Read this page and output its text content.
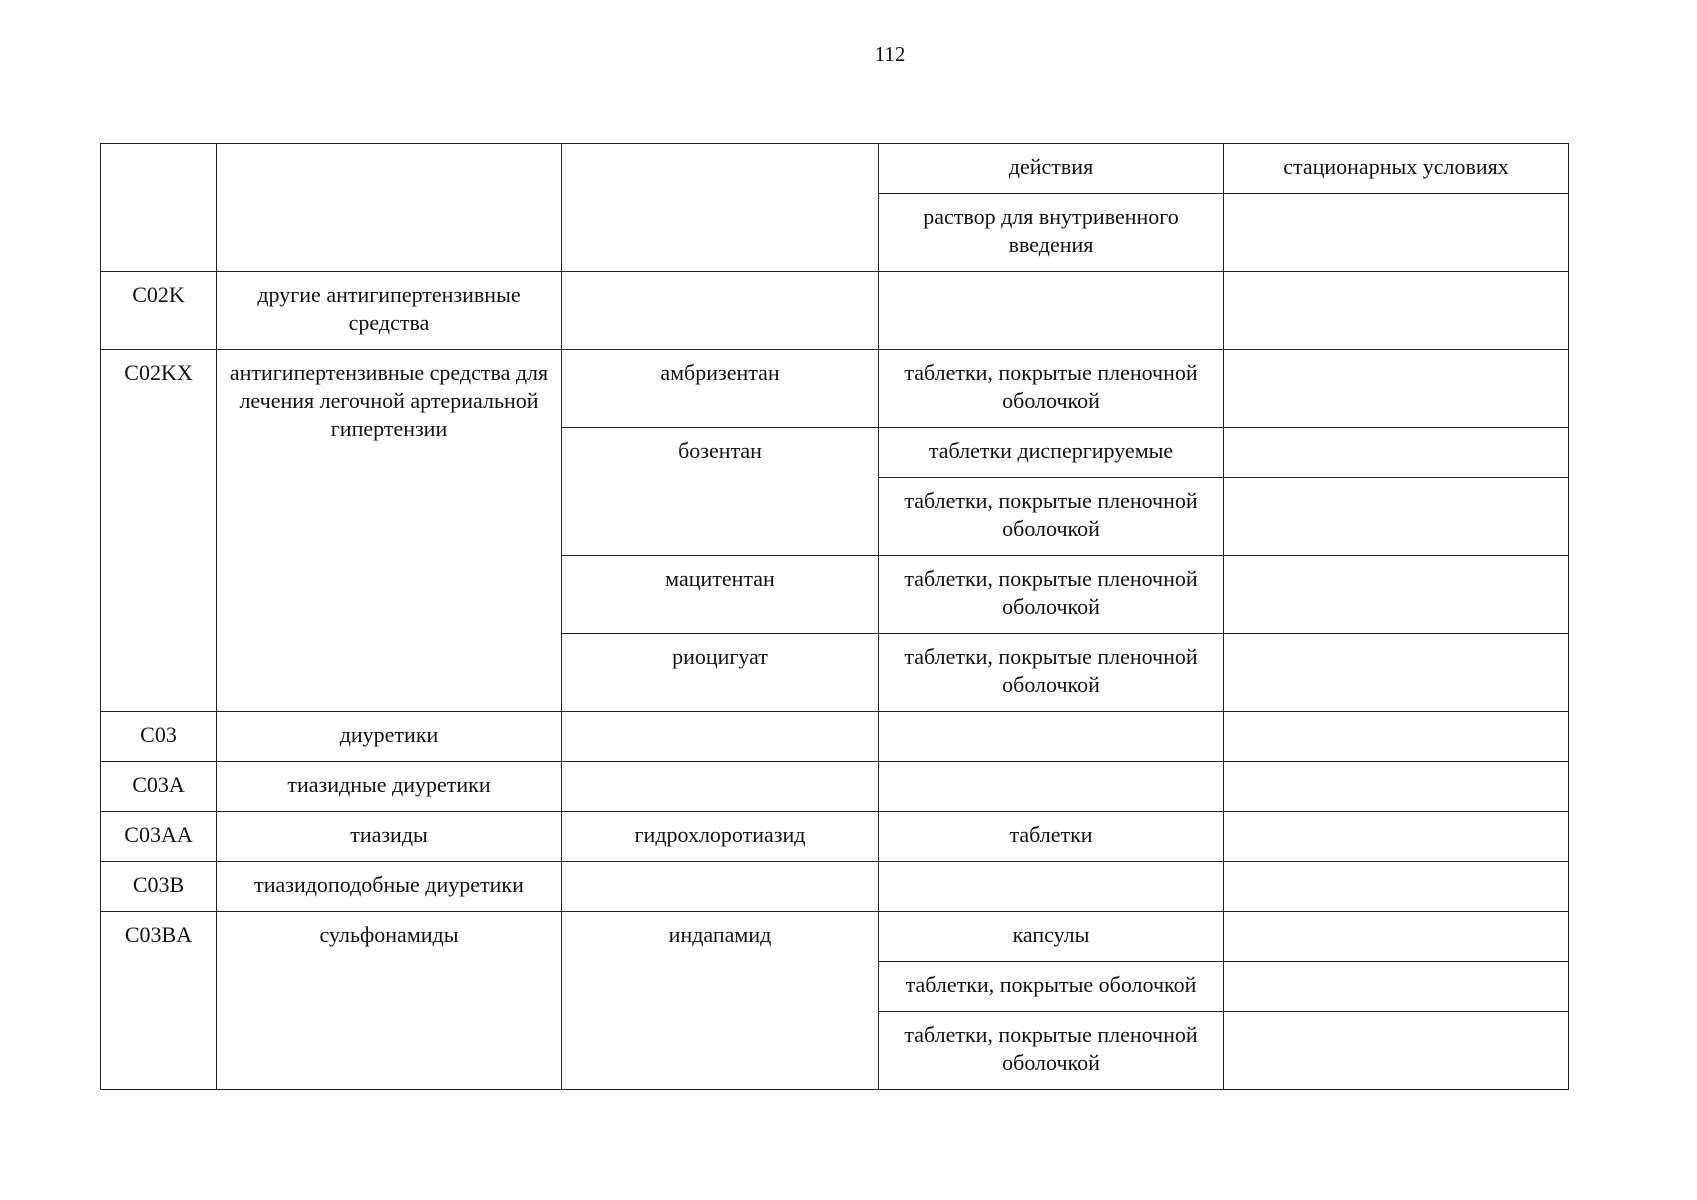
112
			действия	стационарных условиях
			раствор для внутривенного введения	
C02K	другие антигипертензивные средства			
C02KX	антигипертензивные средства для лечения легочной артериальной гипертензии	амбризентан	таблетки, покрытые пленочной оболочкой	
		бозентан	таблетки диспергируемые	
			таблетки, покрытые пленочной оболочкой	
		мацитентан	таблетки, покрытые пленочной оболочкой	
		риоцигуат	таблетки, покрытые пленочной оболочкой	
C03	диуретики			
C03A	тиазидные диуретики			
C03AA	тиазиды	гидрохлоротиазид	таблетки	
C03B	тиазидоподобные диуретики			
C03BA	сульфонамиды	индапамид	капсулы	
			таблетки, покрытые оболочкой	
			таблетки, покрытые пленочной оболочкой	
